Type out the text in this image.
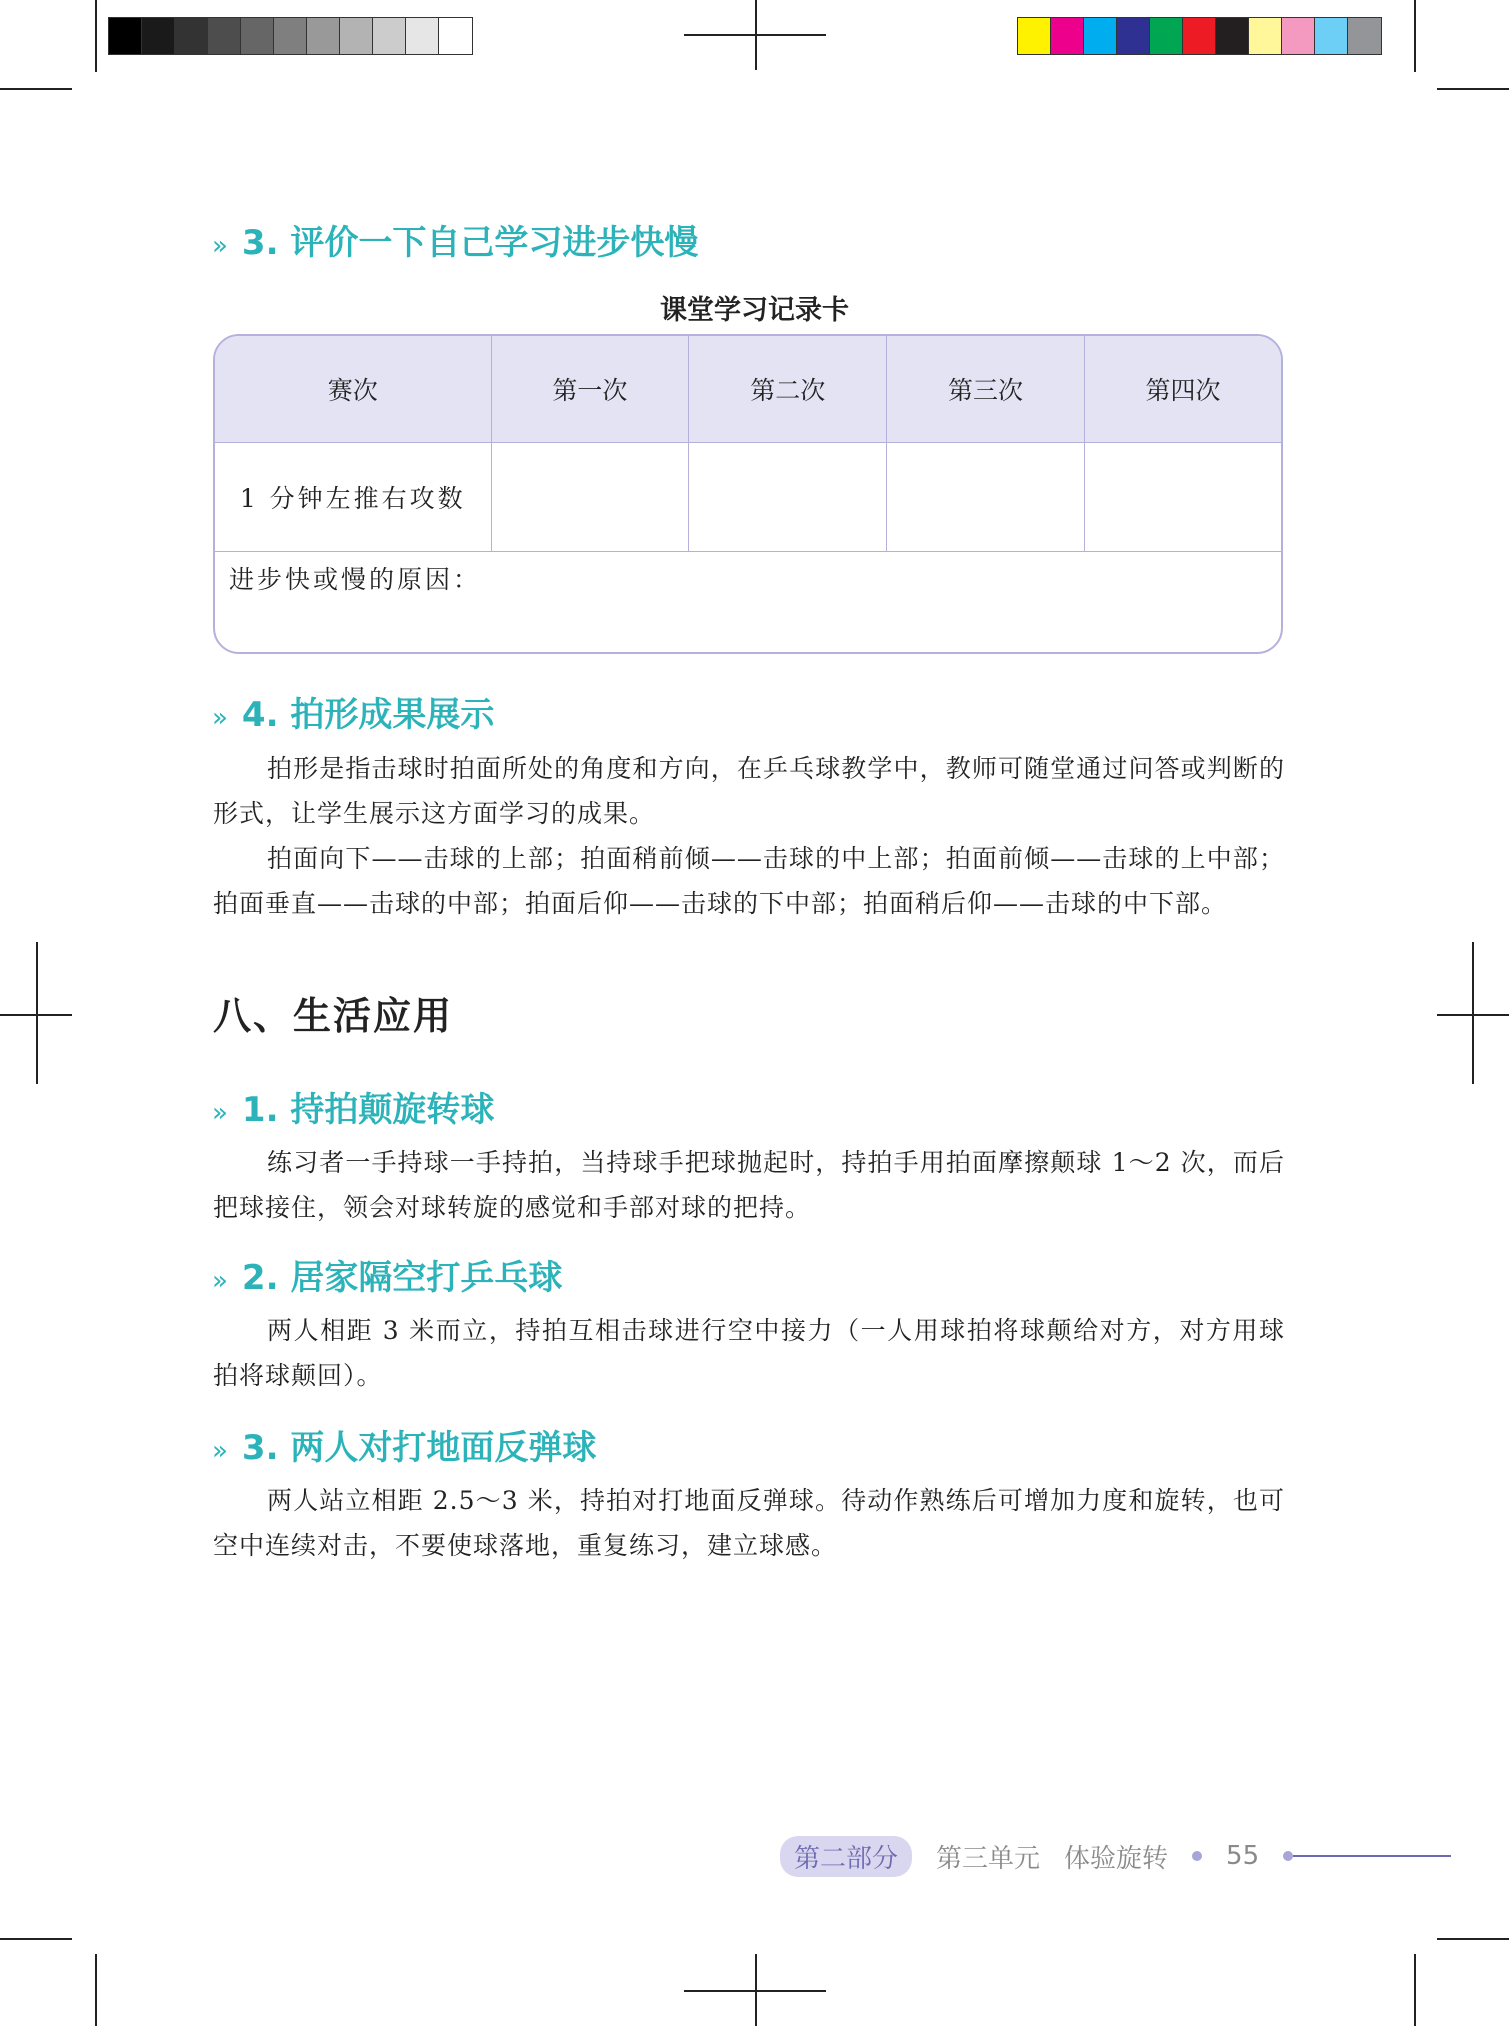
» 3. 评价一下自己学习进步快慢
课堂学习记录卡
赛次	第一次	第二次	第三次	第四次
1 分钟左推右攻数				
进步快或慢的原因：				
» 4. 拍形成果展示
拍形是指击球时拍面所处的角度和方向，在乒乓球教学中，教师可随堂通过问答或判断的形式，让学生展示这方面学习的成果。
拍面向下——击球的上部；拍面稍前倾——击球的中上部；拍面前倾——击球的上中部；拍面垂直——击球的中部；拍面后仰——击球的下中部；拍面稍后仰——击球的中下部。
八、生活应用
» 1. 持拍颠旋转球
练习者一手持球一手持拍，当持球手把球抛起时，持拍手用拍面摩擦颠球 1～2 次，而后把球接住，领会对球转旋的感觉和手部对球的把持。
» 2. 居家隔空打乒乓球
两人相距 3 米而立，持拍互相击球进行空中接力（一人用球拍将球颠给对方，对方用球拍将球颠回）。
» 3. 两人对打地面反弹球
两人站立相距 2.5～3 米，持拍对打地面反弹球。待动作熟练后可增加力度和旋转，也可空中连续对击，不要使球落地，重复练习，建立球感。
第二部分	第三单元 体验旋转 55
